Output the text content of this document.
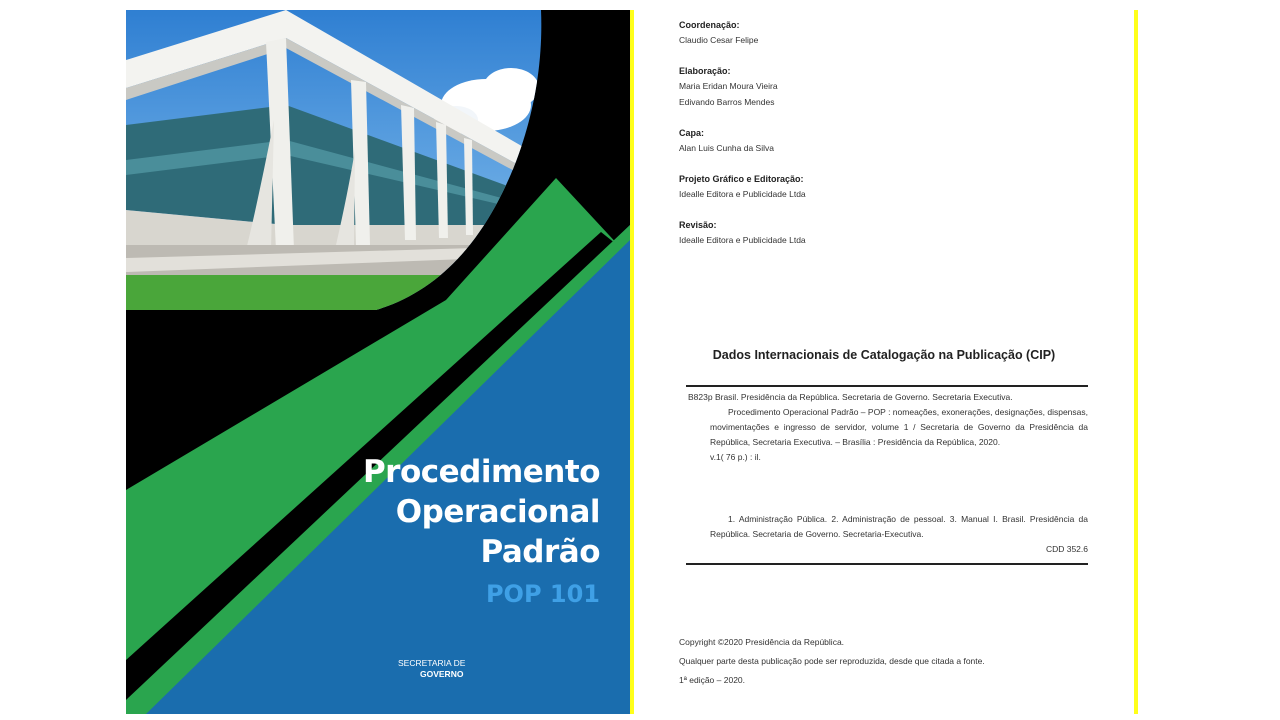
Procedimento
Operacional
Padrão
POP 101
SECRETARIA DE
GOVERNO
Coordenação:
Claudio Cesar Felipe
Elaboração:
Maria Eridan Moura Vieira
Edivando Barros Mendes
Capa:
Alan Luis Cunha da Silva
Projeto Gráfico e Editoração:
Idealle Editora e Publicidade Ltda
Revisão:
Idealle Editora e Publicidade Ltda
Dados Internacionais de Catalogação na Publicação (CIP)
B823p Brasil. Presidência da República. Secretaria de Governo. Secretaria Executiva.
Procedimento Operacional Padrão – POP : nomeações, exonerações, designações, dispensas, movimentações e ingresso de servidor, volume 1 / Secretaria de Governo da Presidência da República, Secretaria Executiva. – Brasília : Presidência da República, 2020.
v.1( 76 p.) : il.
1. Administração Pública. 2. Administração de pessoal. 3. Manual I. Brasil. Presidência da República. Secretaria de Governo. Secretaria-Executiva.
CDD 352.6
Copyright ©2020 Presidência da República.
Qualquer parte desta publicação pode ser reproduzida, desde que citada a fonte.
1ª edição – 2020.
